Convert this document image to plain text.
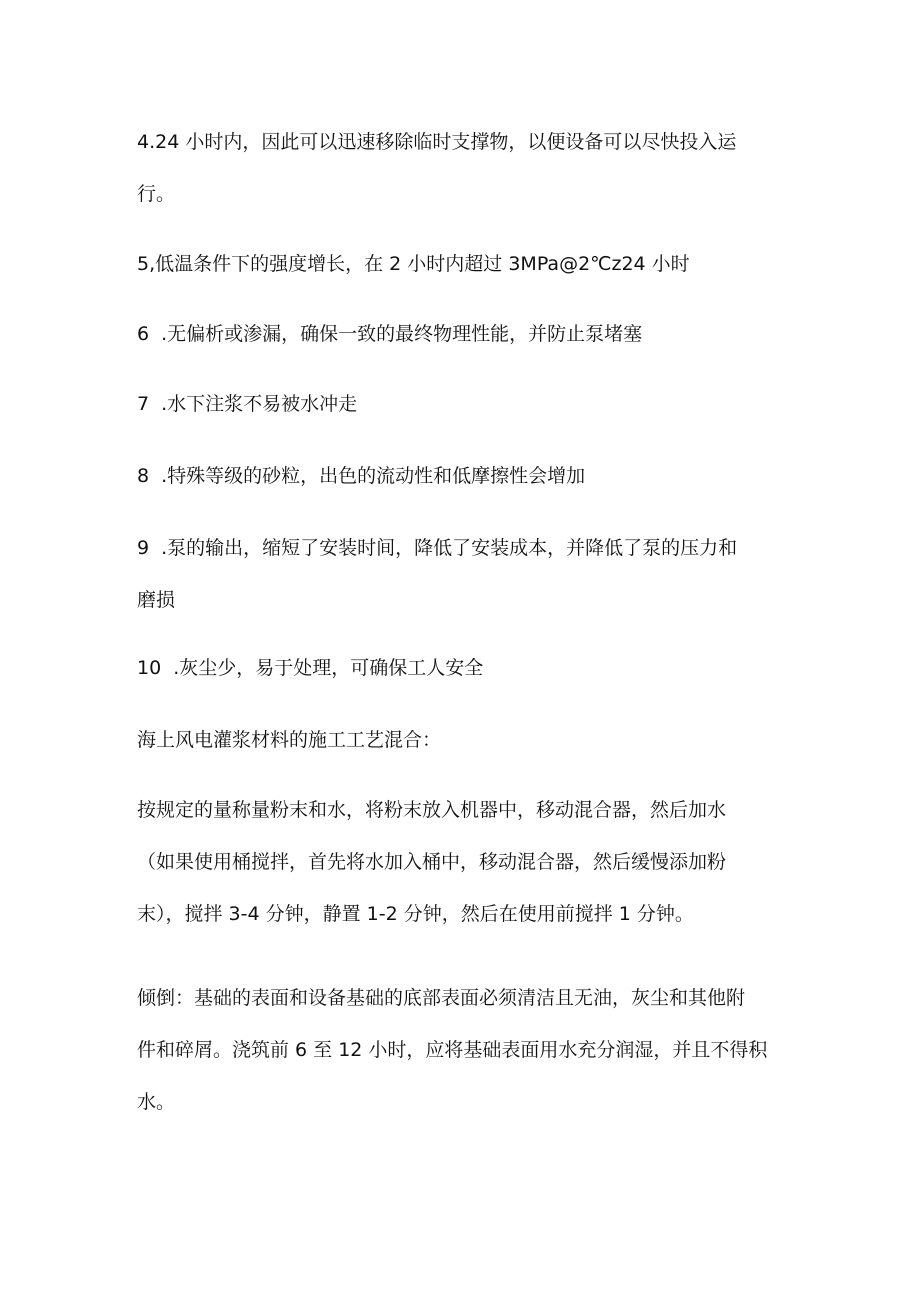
4.24 小时内，因此可以迅速移除临时支撑物，以便设备可以尽快投入运
行。

5,低温条件下的强度增长，在 2 小时内超过 3MPa@2℃z24 小时

6 .无偏析或渗漏，确保一致的最终物理性能，并防止泵堵塞

7 .水下注浆不易被水冲走

8 .特殊等级的砂粒，出色的流动性和低摩擦性会增加

9 .泵的输出，缩短了安装时间，降低了安装成本，并降低了泵的压力和
磨损

10 .灰尘少，易于处理，可确保工人安全

海上风电灌浆材料的施工工艺混合：

按规定的量称量粉末和水，将粉末放入机器中，移动混合器，然后加水
（如果使用桶搅拌，首先将水加入桶中，移动混合器，然后缓慢添加粉
末），搅拌 3-4 分钟，静置 1-2 分钟，然后在使用前搅拌 1 分钟。

倾倒：基础的表面和设备基础的底部表面必须清洁且无油，灰尘和其他附
件和碎屑。浇筑前 6 至 12 小时，应将基础表面用水充分润湿，并且不得积
水。
